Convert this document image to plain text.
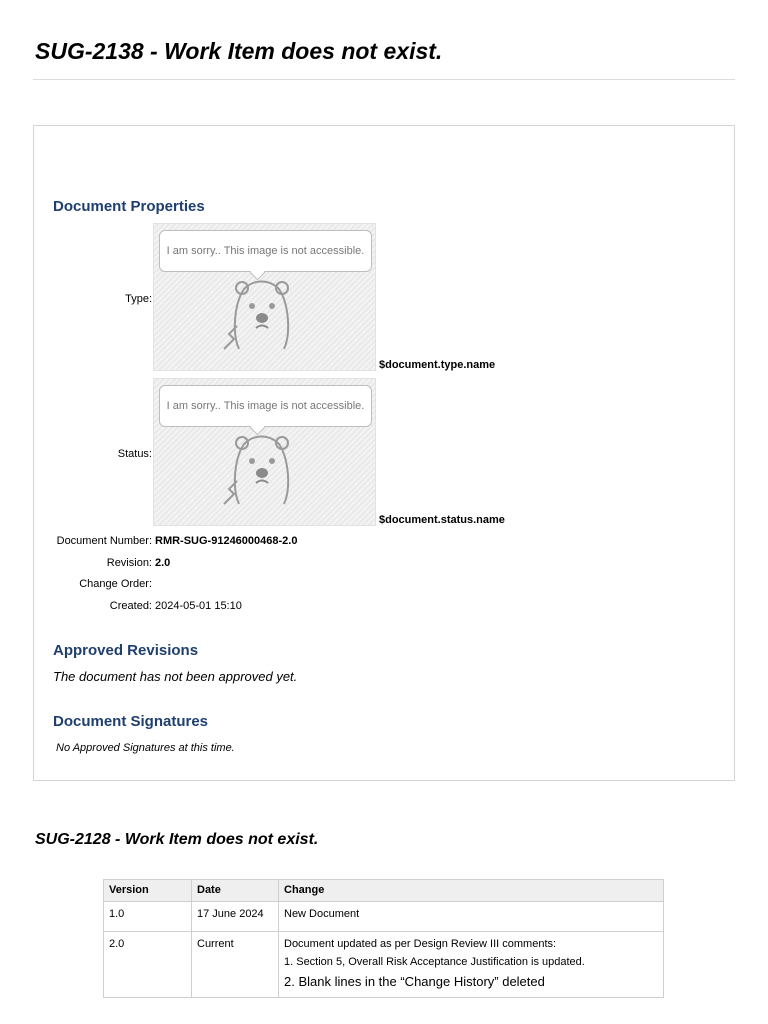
SUG-2138 - Work Item does not exist.
Document Properties
Type:
I am sorry.. This image is not accessible.
$document.type.name
Status:
I am sorry.. This image is not accessible.
$document.status.name
Document Number: RMR-SUG-91246000468-2.0
Revision: 2.0
Change Order:
Created: 2024-05-01 15:10
Approved Revisions
The document has not been approved yet.
Document Signatures
No Approved Signatures at this time.
SUG-2128 - Work Item does not exist.
Version	Date	Change
1.0	17 June 2024	New Document
2.0	Current	Document updated as per Design Review III comments:
1. Section 5, Overall Risk Acceptance Justification is updated.
2. Blank lines in the “Change History” deleted
